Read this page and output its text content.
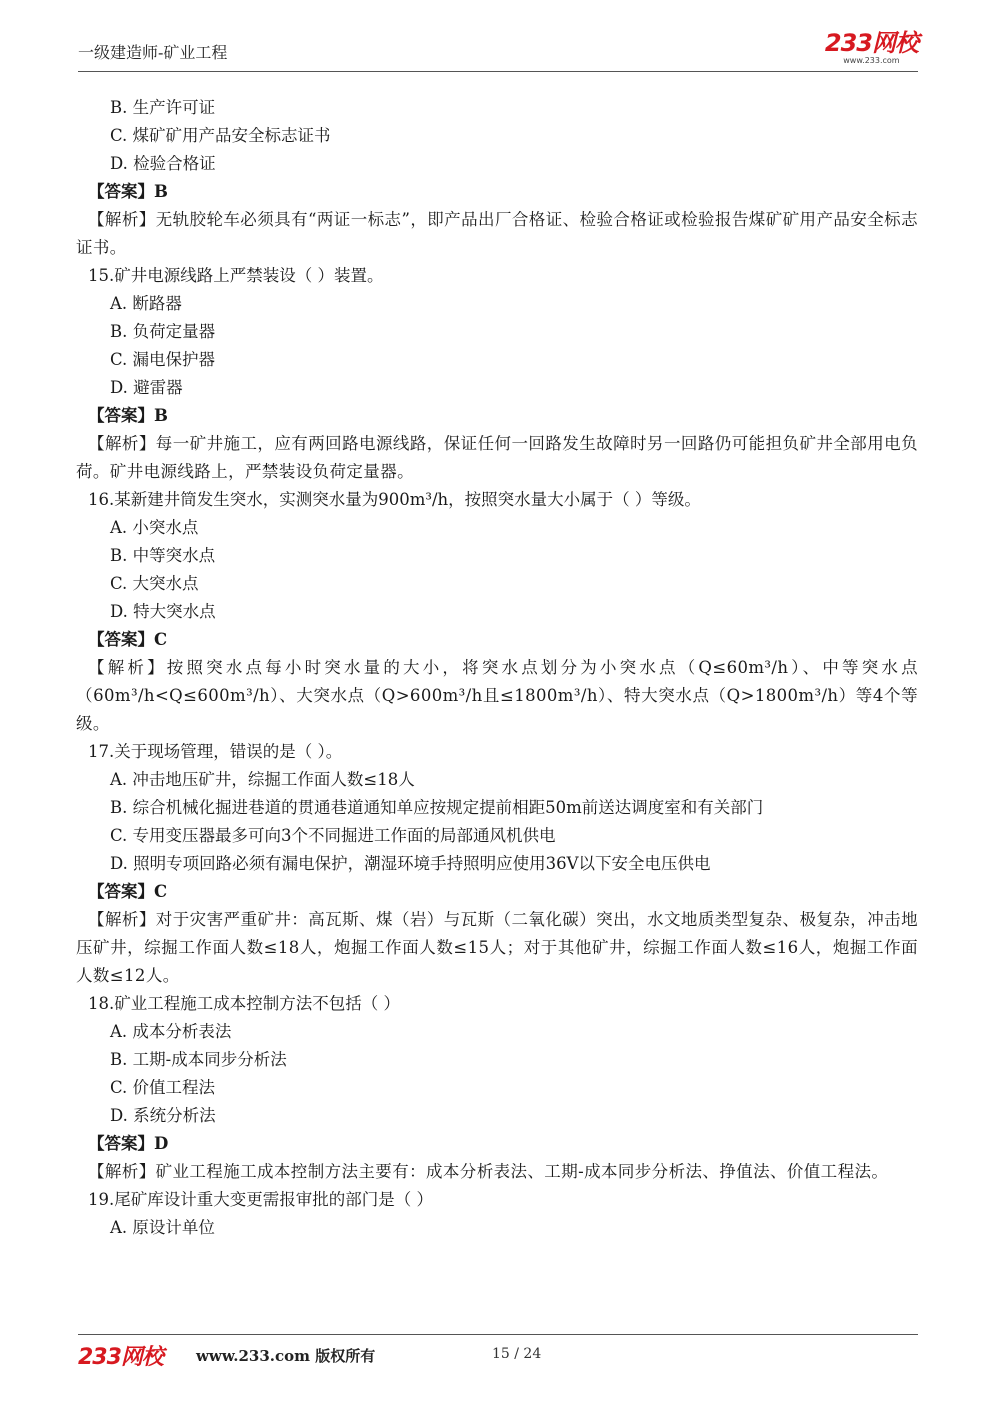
一级建造师-矿业工程	233网校
www.233.com
B. 生产许可证
C. 煤矿矿用产品安全标志证书
D. 检验合格证
【答案】B
【解析】无轨胶轮车必须具有“两证一标志”，即产品出厂合格证、检验合格证或检验报告煤矿矿用产品安全标志证书。
15.矿井电源线路上严禁装设（ ）装置。
A. 断路器
B. 负荷定量器
C. 漏电保护器
D. 避雷器
【答案】B
【解析】每一矿井施工，应有两回路电源线路，保证任何一回路发生故障时另一回路仍可能担负矿井全部用电负荷。矿井电源线路上，严禁装设负荷定量器。
16.某新建井筒发生突水，实测突水量为900m³/h，按照突水量大小属于（ ）等级。
A. 小突水点
B. 中等突水点
C. 大突水点
D. 特大突水点
【答案】C
【解析】按照突水点每小时突水量的大小，将突水点划分为小突水点（Q≤60m³/h）、中等突水点（60m³/h<Q≤600m³/h）、大突水点（Q>600m³/h且≤1800m³/h）、特大突水点（Q>1800m³/h）等4个等级。
17.关于现场管理，错误的是（ ）。
A. 冲击地压矿井，综掘工作面人数≤18人
B. 综合机械化掘进巷道的贯通巷道通知单应按规定提前相距50m前送达调度室和有关部门
C. 专用变压器最多可向3个不同掘进工作面的局部通风机供电
D. 照明专项回路必须有漏电保护，潮湿环境手持照明应使用36V以下安全电压供电
【答案】C
【解析】对于灾害严重矿井：高瓦斯、煤（岩）与瓦斯（二氧化碳）突出，水文地质类型复杂、极复杂，冲击地压矿井，综掘工作面人数≤18人，炮掘工作面人数≤15人；对于其他矿井，综掘工作面人数≤16人，炮掘工作面人数≤12人。
18.矿业工程施工成本控制方法不包括（ ）
A. 成本分析表法
B. 工期-成本同步分析法
C. 价值工程法
D. 系统分析法
【答案】D
【解析】矿业工程施工成本控制方法主要有：成本分析表法、工期-成本同步分析法、挣值法、价值工程法。
19.尾矿库设计重大变更需报审批的部门是（ ）
A. 原设计单位
233网校 www.233.com 版权所有	15 / 24
